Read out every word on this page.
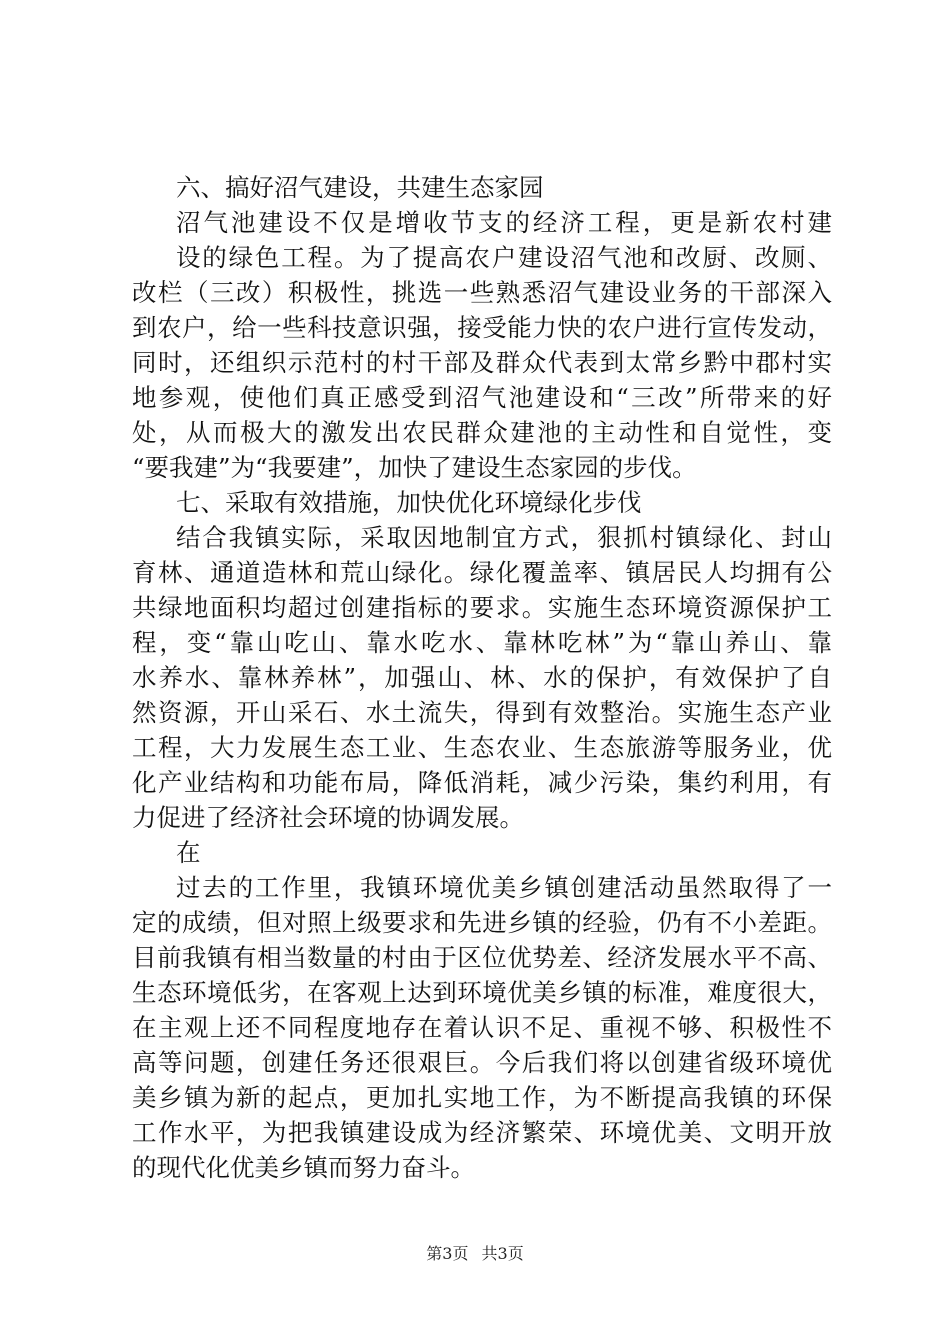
六、搞好沼气建设，共建生态家园
沼气池建设不仅是增收节支的经济工程，更是新农村建
设的绿色工程。为了提高农户建设沼气池和改厨、改厕、
改栏（三改）积极性，挑选一些熟悉沼气建设业务的干部深入
到农户，给一些科技意识强，接受能力快的农户进行宣传发动，
同时，还组织示范村的村干部及群众代表到太常乡黔中郡村实
地参观，使他们真正感受到沼气池建设和“三改”所带来的好
处，从而极大的激发出农民群众建池的主动性和自觉性，变
“要我建”为“我要建”，加快了建设生态家园的步伐。
七、采取有效措施，加快优化环境绿化步伐
结合我镇实际，采取因地制宜方式，狠抓村镇绿化、封山
育林、通道造林和荒山绿化。绿化覆盖率、镇居民人均拥有公
共绿地面积均超过创建指标的要求。实施生态环境资源保护工
程，变“靠山吃山、靠水吃水、靠林吃林”为“靠山养山、靠
水养水、靠林养林”，加强山、林、水的保护，有效保护了自
然资源，开山采石、水土流失，得到有效整治。实施生态产业
工程，大力发展生态工业、生态农业、生态旅游等服务业，优
化产业结构和功能布局，降低消耗，减少污染，集约利用，有
力促进了经济社会环境的协调发展。
在
过去的工作里，我镇环境优美乡镇创建活动虽然取得了一
定的成绩，但对照上级要求和先进乡镇的经验，仍有不小差距。
目前我镇有相当数量的村由于区位优势差、经济发展水平不高、
生态环境低劣，在客观上达到环境优美乡镇的标准，难度很大，
在主观上还不同程度地存在着认识不足、重视不够、积极性不
高等问题，创建任务还很艰巨。今后我们将以创建省级环境优
美乡镇为新的起点，更加扎实地工作，为不断提高我镇的环保
工作水平，为把我镇建设成为经济繁荣、环境优美、文明开放
的现代化优美乡镇而努力奋斗。
第3页 共3页
